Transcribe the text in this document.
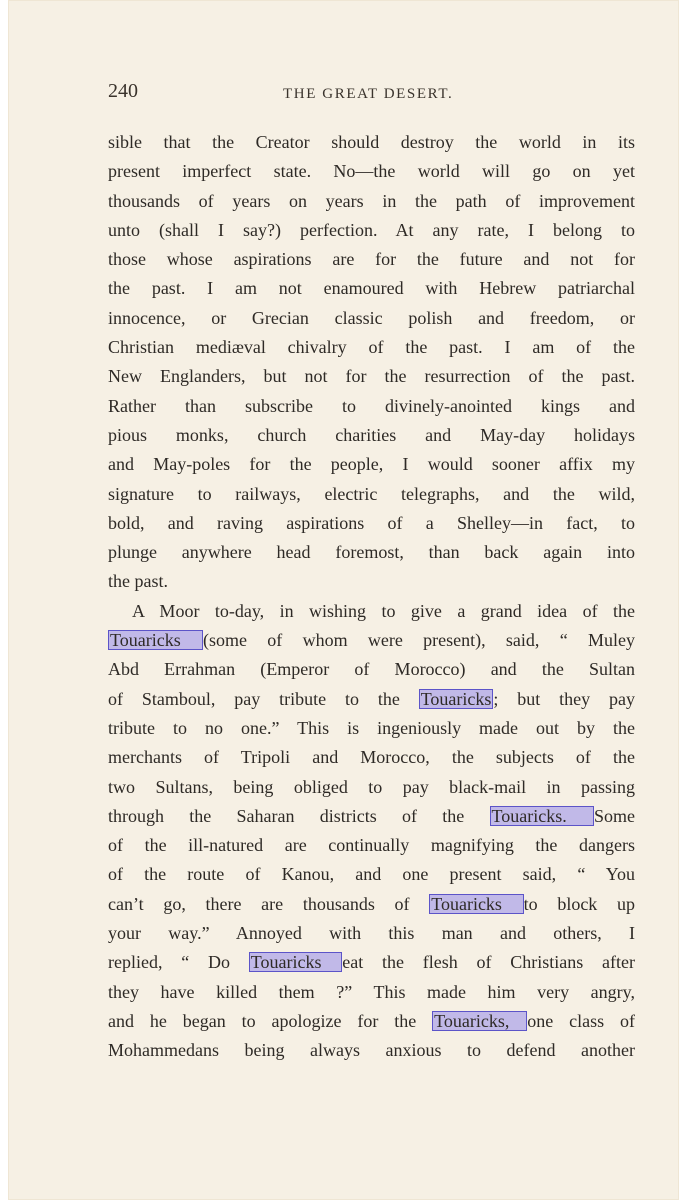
240	THE GREAT DESERT.
sible that the Creator should destroy the world in its
present imperfect state. No—the world will go on yet
thousands of years on years in the path of improvement
unto (shall I say?) perfection. At any rate, I belong to
those whose aspirations are for the future and not for
the past. I am not enamoured with Hebrew patriarchal
innocence, or Grecian classic polish and freedom, or
Christian mediæval chivalry of the past. I am of the
New Englanders, but not for the resurrection of the past.
Rather than subscribe to divinely-anointed kings and
pious monks, church charities and May-day holidays
and May-poles for the people, I would sooner affix my
signature to railways, electric telegraphs, and the wild,
bold, and raving aspirations of a Shelley—in fact, to
plunge anywhere head foremost, than back again into
the past.
A Moor to-day, in wishing to give a grand idea of the
Touaricks (some of whom were present), said, “ Muley
Abd Errahman (Emperor of Morocco) and the Sultan
of Stamboul, pay tribute to the Touaricks ; but they pay
tribute to no one.” This is ingeniously made out by the
merchants of Tripoli and Morocco, the subjects of the
two Sultans, being obliged to pay black-mail in passing
through the Saharan districts of the Touaricks. Some
of the ill-natured are continually magnifying the dangers
of the route of Kanou, and one present said, “ You
can’t go, there are thousands of Touaricks to block up
your way.” Annoyed with this man and others, I
replied, “ Do Touaricks eat the flesh of Christians after
they have killed them ?” This made him very angry,
and he began to apologize for the Touaricks, one class of
Mohammedans being always anxious to defend another
